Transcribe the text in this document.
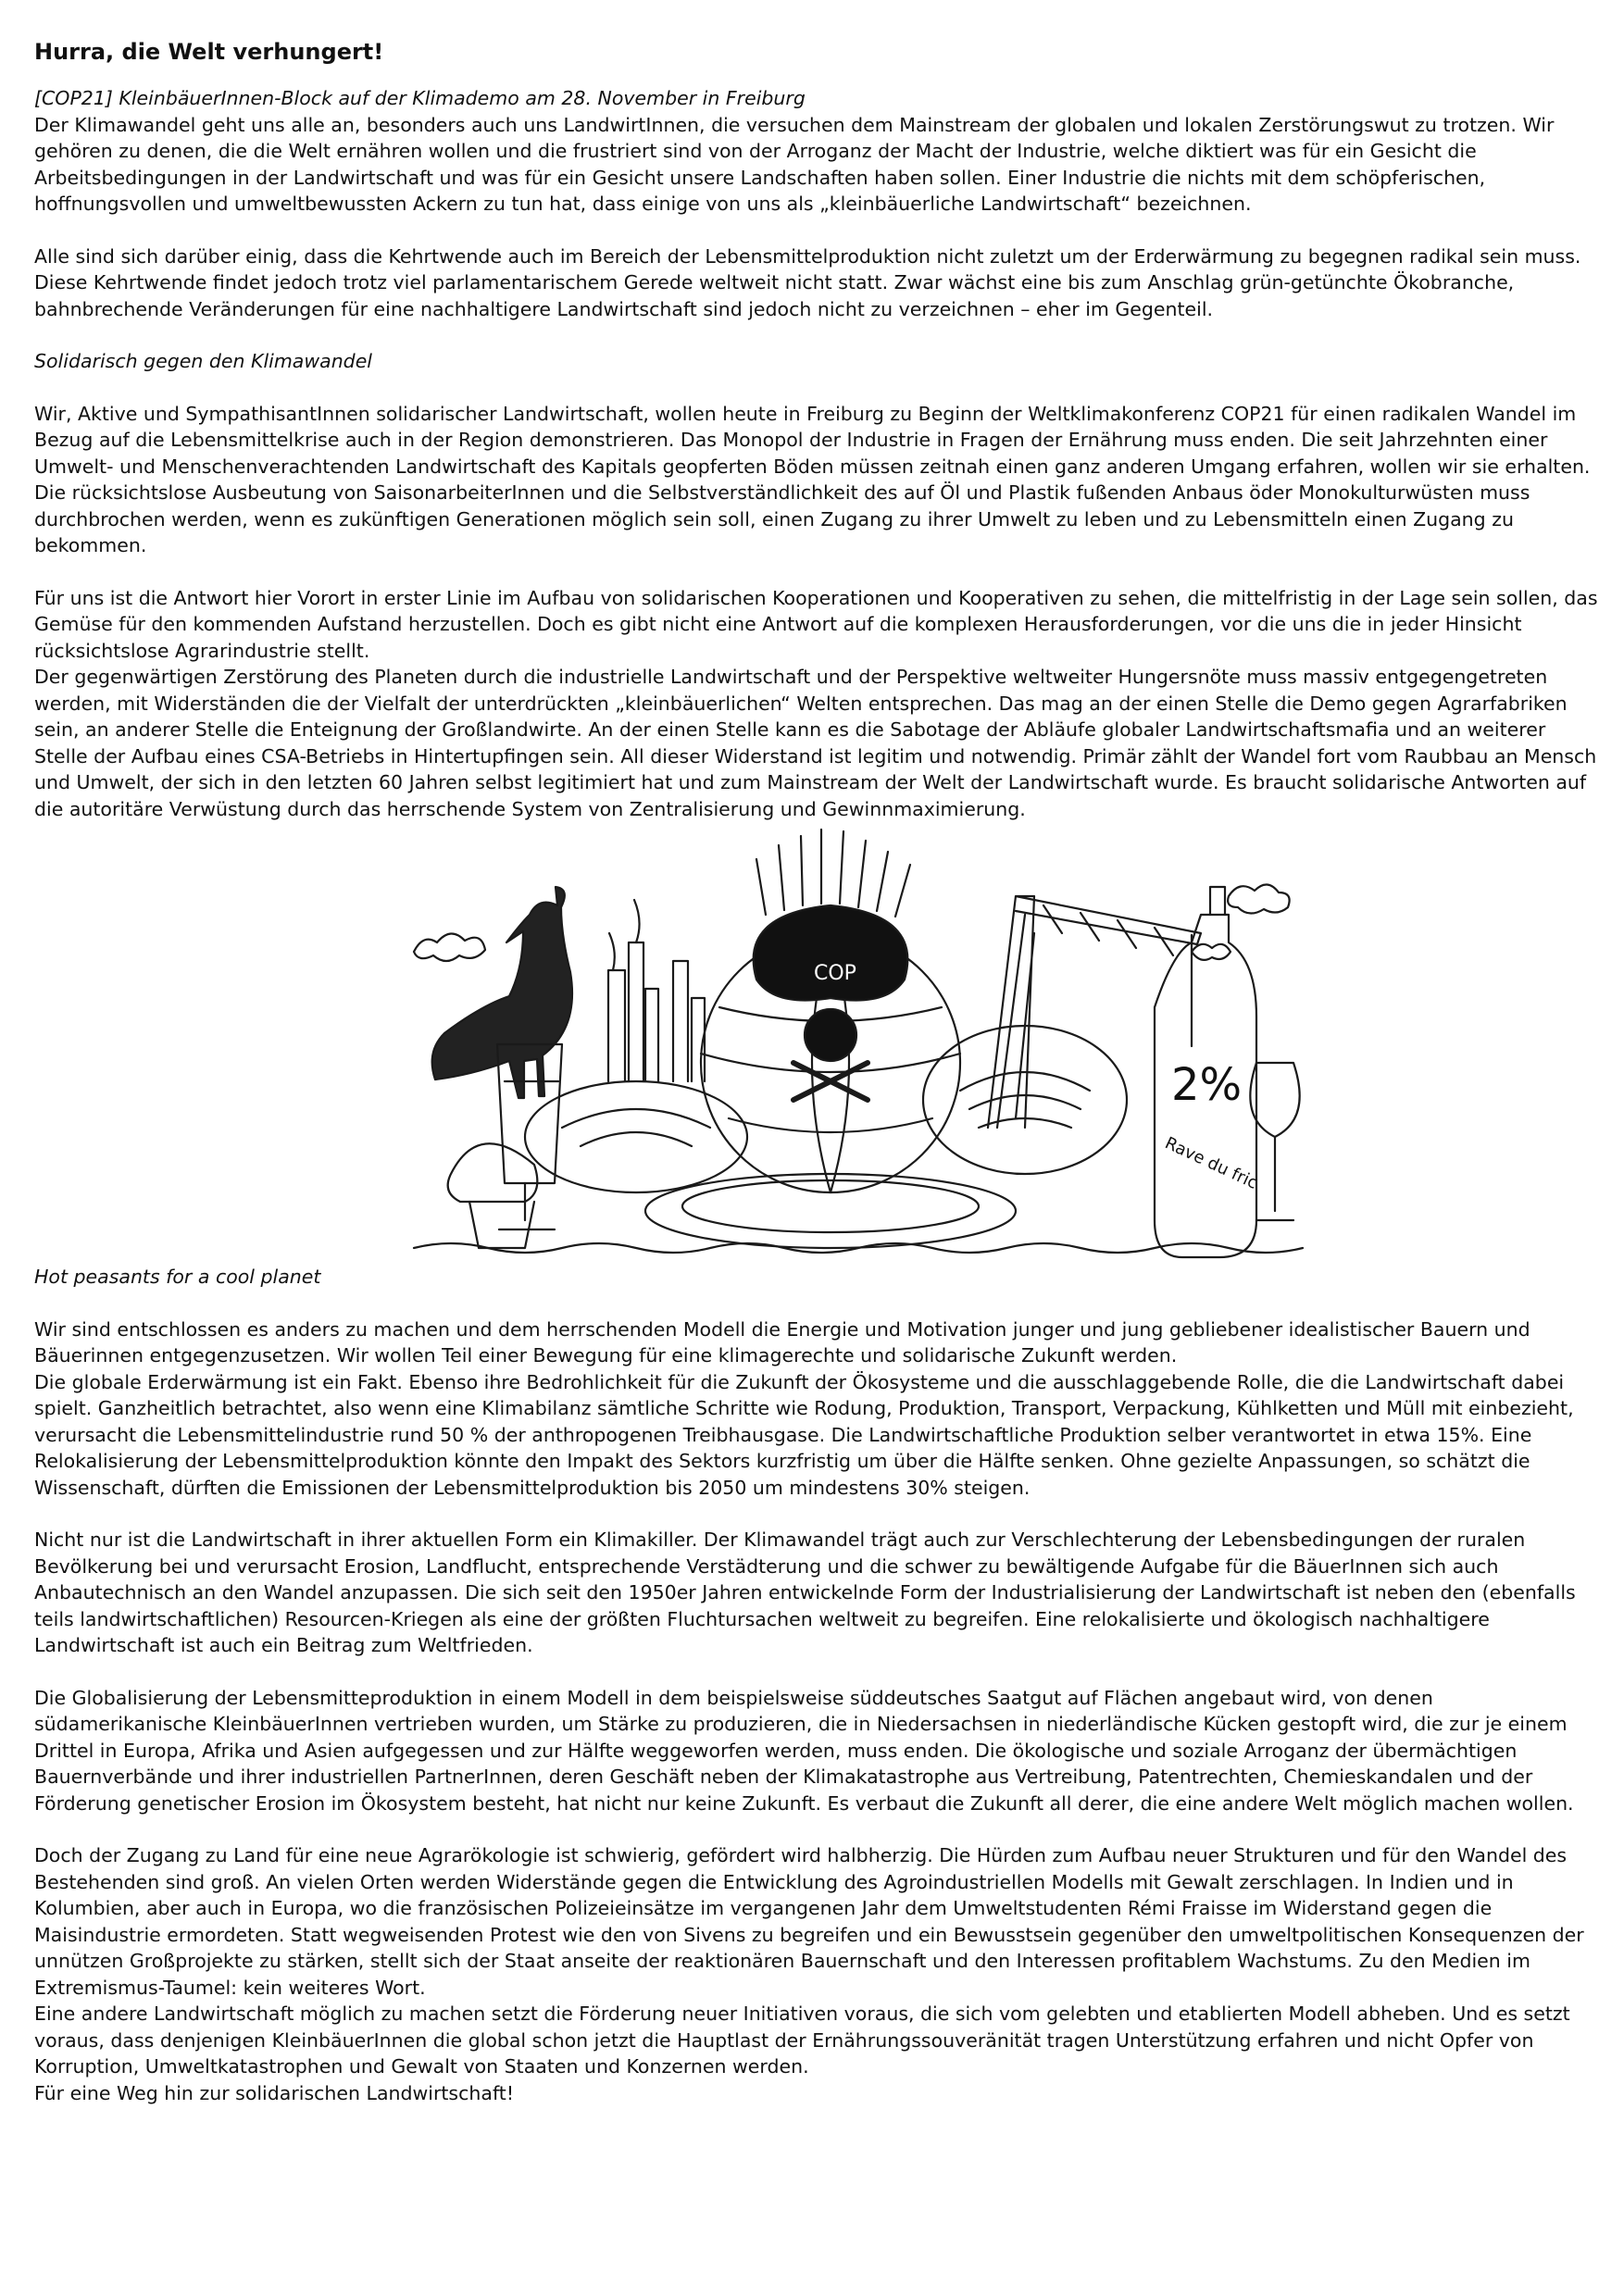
Hurra, die Welt verhungert!

[COP21] KleinbäuerInnen-Block auf der Klimademo am 28. November in Freiburg

Der Klimawandel geht uns alle an, besonders auch uns LandwirtInnen, die versuchen dem Mainstream der globalen und lokalen Zerstörungswut zu trotzen. Wir gehören zu denen, die die Welt ernähren wollen und die frustriert sind von der Arroganz der Macht der Industrie, welche diktiert was für ein Gesicht die Arbeitsbedingungen in der Landwirtschaft und was für ein Gesicht unsere Landschaften haben sollen. Einer Industrie die nichts mit dem schöpferischen, hoffnungsvollen und umweltbewussten Ackern zu tun hat, dass einige von uns als „kleinbäuerliche Landwirtschaft“ bezeichnen.

Alle sind sich darüber einig, dass die Kehrtwende auch im Bereich der Lebensmittelproduktion nicht zuletzt um der Erderwärmung zu begegnen radikal sein muss. Diese Kehrtwende findet jedoch trotz viel parlamentarischem Gerede weltweit nicht statt. Zwar wächst eine bis zum Anschlag grün-getünchte Ökobranche, bahnbrechende Veränderungen für eine nachhaltigere Landwirtschaft sind jedoch nicht zu verzeichnen – eher im Gegenteil.

Solidarisch gegen den Klimawandel

Wir, Aktive und SympathisantInnen solidarischer Landwirtschaft, wollen heute in Freiburg zu Beginn der Weltklimakonferenz COP21 für einen radikalen Wandel im Bezug auf die Lebensmittelkrise auch in der Region demonstrieren. Das Monopol der Industrie in Fragen der Ernährung muss enden. Die seit Jahrzehnten einer Umwelt- und Menschenverachtenden Landwirtschaft des Kapitals geopferten Böden müssen zeitnah einen ganz anderen Umgang erfahren, wollen wir sie erhalten. Die rücksichtslose Ausbeutung von SaisonarbeiterInnen und die Selbstverständlichkeit des auf Öl und Plastik fußenden Anbaus öder Monokulturwüsten muss durchbrochen werden, wenn es zukünftigen Generationen möglich sein soll, einen Zugang zu ihrer Umwelt zu leben und zu Lebensmitteln einen Zugang zu bekommen.

Für uns ist die Antwort hier Vorort in erster Linie im Aufbau von solidarischen Kooperationen und Kooperativen zu sehen, die mittelfristig in der Lage sein sollen, das Gemüse für den kommenden Aufstand herzustellen. Doch es gibt nicht eine Antwort auf die komplexen Herausforderungen, vor die uns die in jeder Hinsicht rücksichtslose Agrarindustrie stellt.

Der gegenwärtigen Zerstörung des Planeten durch die industrielle Landwirtschaft und der Perspektive weltweiter Hungersnöte muss massiv entgegengetreten werden, mit Widerständen die der Vielfalt der unterdrückten „kleinbäuerlichen“ Welten entsprechen. Das mag an der einen Stelle die Demo gegen Agrarfabriken sein, an anderer Stelle die Enteignung der Großlandwirte. An der einen Stelle kann es die Sabotage der Abläufe globaler Landwirtschaftsmafia und an weiterer Stelle der Aufbau eines CSA-Betriebs in Hintertupfingen sein. All dieser Widerstand ist legitim und notwendig. Primär zählt der Wandel fort vom Raubbau an Mensch und Umwelt, der sich in den letzten 60 Jahren selbst legitimiert hat und zum Mainstream der Welt der Landwirtschaft wurde. Es braucht solidarische Antworten auf die autoritäre Verwüstung durch das herrschende System von Zentralisierung und Gewinnmaximierung.

COP
2%
Rave du fric

Hot peasants for a cool planet

Wir sind entschlossen es anders zu machen und dem herrschenden Modell die Energie und Motivation junger und jung gebliebener idealistischer Bauern und Bäuerinnen entgegenzusetzen. Wir wollen Teil einer Bewegung für eine klimagerechte und solidarische Zukunft werden.

Die globale Erderwärmung ist ein Fakt. Ebenso ihre Bedrohlichkeit für die Zukunft der Ökosysteme und die ausschlaggebende Rolle, die die Landwirtschaft dabei spielt. Ganzheitlich betrachtet, also wenn eine Klimabilanz sämtliche Schritte wie Rodung, Produktion, Transport, Verpackung, Kühlketten und Müll mit einbezieht, verursacht die Lebensmittelindustrie rund 50 % der anthropogenen Treibhausgase. Die Landwirtschaftliche Produktion selber verantwortet in etwa 15%. Eine Relokalisierung der Lebensmittelproduktion könnte den Impakt des Sektors kurzfristig um über die Hälfte senken. Ohne gezielte Anpassungen, so schätzt die Wissenschaft, dürften die Emissionen der Lebensmittelproduktion bis 2050 um mindestens 30% steigen.

Nicht nur ist die Landwirtschaft in ihrer aktuellen Form ein Klimakiller. Der Klimawandel trägt auch zur Verschlechterung der Lebensbedingungen der ruralen Bevölkerung bei und verursacht Erosion, Landflucht, entsprechende Verstädterung und die schwer zu bewältigende Aufgabe für die BäuerInnen sich auch Anbautechnisch an den Wandel anzupassen. Die sich seit den 1950er Jahren entwickelnde Form der Industrialisierung der Landwirtschaft ist neben den (ebenfalls teils landwirtschaftlichen) Resourcen-Kriegen als eine der größten Fluchtursachen weltweit zu begreifen. Eine relokalisierte und ökologisch nachhaltigere Landwirtschaft ist auch ein Beitrag zum Weltfrieden.

Die Globalisierung der Lebensmitteproduktion in einem Modell in dem beispielsweise süddeutsches Saatgut auf Flächen angebaut wird, von denen südamerikanische KleinbäuerInnen vertrieben wurden, um Stärke zu produzieren, die in Niedersachsen in niederländische Kücken gestopft wird, die zur je einem Drittel in Europa, Afrika und Asien aufgegessen und zur Hälfte weggeworfen werden, muss enden. Die ökologische und soziale Arroganz der übermächtigen Bauernverbände und ihrer industriellen PartnerInnen, deren Geschäft neben der Klimakatastrophe aus Vertreibung, Patentrechten, Chemieskandalen und der Förderung genetischer Erosion im Ökosystem besteht, hat nicht nur keine Zukunft. Es verbaut die Zukunft all derer, die eine andere Welt möglich machen wollen.

Doch der Zugang zu Land für eine neue Agrarökologie ist schwierig, gefördert wird halbherzig. Die Hürden zum Aufbau neuer Strukturen und für den Wandel des Bestehenden sind groß. An vielen Orten werden Widerstände gegen die Entwicklung des Agroindustriellen Modells mit Gewalt zerschlagen. In Indien und in Kolumbien, aber auch in Europa, wo die französischen Polizeieinsätze im vergangenen Jahr dem Umweltstudenten Rémi Fraisse im Widerstand gegen die Maisindustrie ermordeten. Statt wegweisenden Protest wie den von Sivens zu begreifen und ein Bewusstsein gegenüber den umweltpolitischen Konsequenzen der unnützen Großprojekte zu stärken, stellt sich der Staat anseite der reaktionären Bauernschaft und den Interessen profitablem Wachstums. Zu den Medien im Extremismus-Taumel: kein weiteres Wort.

Eine andere Landwirtschaft möglich zu machen setzt die Förderung neuer Initiativen voraus, die sich vom gelebten und etablierten Modell abheben. Und es setzt voraus, dass denjenigen KleinbäuerInnen die global schon jetzt die Hauptlast der Ernährungssouveränität tragen Unterstützung erfahren und nicht Opfer von Korruption, Umweltkatastrophen und Gewalt von Staaten und Konzernen werden.

Für eine Weg hin zur solidarischen Landwirtschaft!
